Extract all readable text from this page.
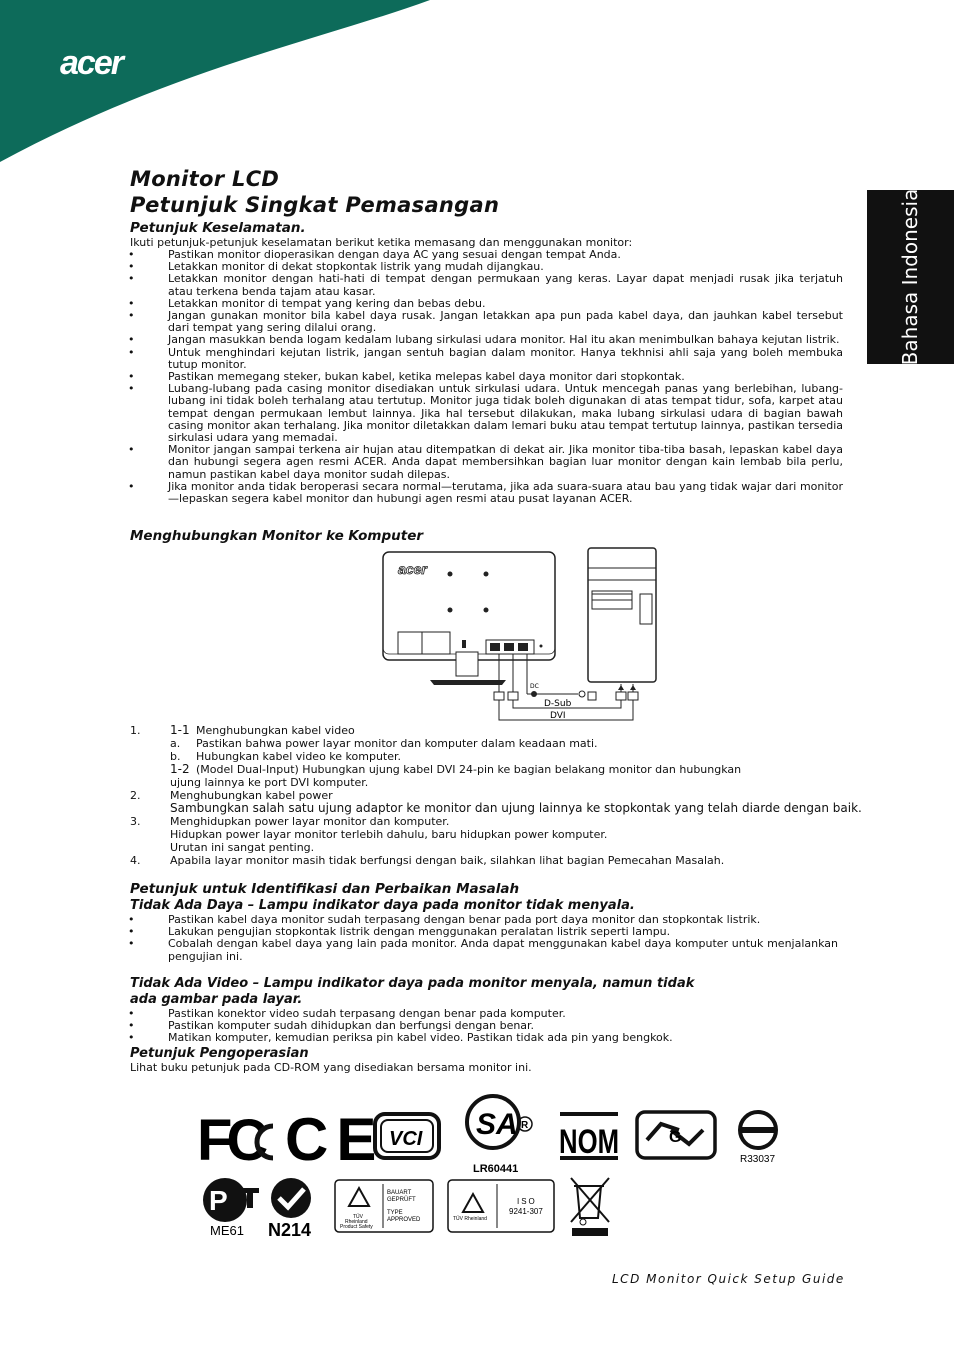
acer
Bahasa Indonesia
Monitor LCD
Petunjuk Singkat Pemasangan
Petunjuk Keselamatan.
Ikuti petunjuk-petunjuk keselamatan berikut ketika memasang dan menggunakan monitor:
•	Pastikan monitor dioperasikan dengan daya AC yang sesuai dengan tempat Anda.
•	Letakkan monitor di dekat stopkontak listrik yang mudah dijangkau.
•	Letakkan monitor dengan hati-hati di tempat dengan permukaan yang keras. Layar dapat menjadi rusak jika terjatuh atau terkena benda tajam atau kasar.
•	Letakkan monitor di tempat yang kering dan bebas debu.
•	Jangan gunakan monitor bila kabel daya rusak. Jangan letakkan apa pun pada kabel daya, dan jauhkan kabel tersebut dari tempat yang sering dilalui orang.
•	Jangan masukkan benda logam kedalam lubang sirkulasi udara monitor. Hal itu akan menimbulkan bahaya kejutan listrik.
•	Untuk menghindari kejutan listrik, jangan sentuh bagian dalam monitor. Hanya tekhnisi ahli saja yang boleh membuka tutup monitor.
•	Pastikan memegang steker, bukan kabel, ketika melepas kabel daya monitor dari stopkontak.
•	Lubang-lubang pada casing monitor disediakan untuk sirkulasi udara. Untuk mencegah panas yang berlebihan, lubang-lubang ini tidak boleh terhalang atau tertutup. Monitor juga tidak boleh digunakan di atas tempat tidur, sofa, karpet atau tempat dengan permukaan lembut lainnya. Jika hal tersebut dilakukan, maka lubang sirkulasi udara di bagian bawah casing monitor akan terhalang. Jika monitor diletakkan dalam lemari buku atau tempat tertutup lainnya, pastikan tersedia sirkulasi udara yang memadai.
•	Monitor jangan sampai terkena air hujan atau ditempatkan di dekat air. Jika monitor tiba-tiba basah, lepaskan kabel daya dan hubungi segera agen resmi ACER. Anda dapat membersihkan bagian luar monitor dengan kain lembab bila perlu, namun pastikan kabel daya monitor sudah dilepas.
•	Jika monitor anda tidak beroperasi secara normal—terutama, jika ada suara-suara atau bau yang tidak wajar dari monitor—lepaskan segera kabel monitor dan hubungi agen resmi atau pusat layanan ACER.
Menghubungkan Monitor ke Komputer
acer
DC
D-Sub
DVI
1.	1-1 Menghubungkan kabel video
a.	Pastikan bahwa power layar monitor dan komputer dalam keadaan mati.
b.	Hubungkan kabel video ke komputer.
1-2 (Model Dual-Input) Hubungkan ujung kabel DVI 24-pin ke bagian belakang monitor dan hubungkan
ujung lainnya ke port DVI komputer.
2.	Menghubungkan kabel power
Sambungkan salah satu ujung adaptor ke monitor dan ujung lainnya ke stopkontak yang telah diarde dengan baik.
3.	Menghidupkan power layar monitor dan komputer.
Hidupkan power layar monitor terlebih dahulu, baru hidupkan power komputer.
Urutan ini sangat penting.
4.	Apabila layar monitor masih tidak berfungsi dengan baik, silahkan lihat bagian Pemecahan Masalah.
Petunjuk untuk Identifikasi dan Perbaikan Masalah
Tidak Ada Daya – Lampu indikator daya pada monitor tidak menyala.
•	Pastikan kabel daya monitor sudah terpasang dengan benar pada port daya monitor dan stopkontak listrik.
•	Lakukan pengujian stopkontak listrik dengan menggunakan peralatan listrik seperti lampu.
•	Cobalah dengan kabel daya yang lain pada monitor. Anda dapat menggunakan kabel daya komputer untuk menjalankan pengujian ini.
Tidak Ada Video – Lampu indikator daya pada monitor menyala, namun tidak
ada gambar pada layar.
•	Pastikan konektor video sudah terpasang dengan benar pada komputer.
•	Pastikan komputer sudah dihidupkan dan berfungsi dengan benar.
•	Matikan komputer, kemudian periksa pin kabel video. Pastikan tidak ada pin yang bengkok.
Petunjuk Pengoperasian
Lihat buku petunjuk pada CD-ROM yang disediakan bersama monitor ini.
FC CE VCI SA R
LR60441
NOM	G
R33037
P
ME61 N214
TÜV
Rheinland
Product Safety
BAUART
GEPRÜFT
TYPE
APPROVED	TÜV Rheinland
ISO
9241-307
LCD Monitor Quick Setup Guide
